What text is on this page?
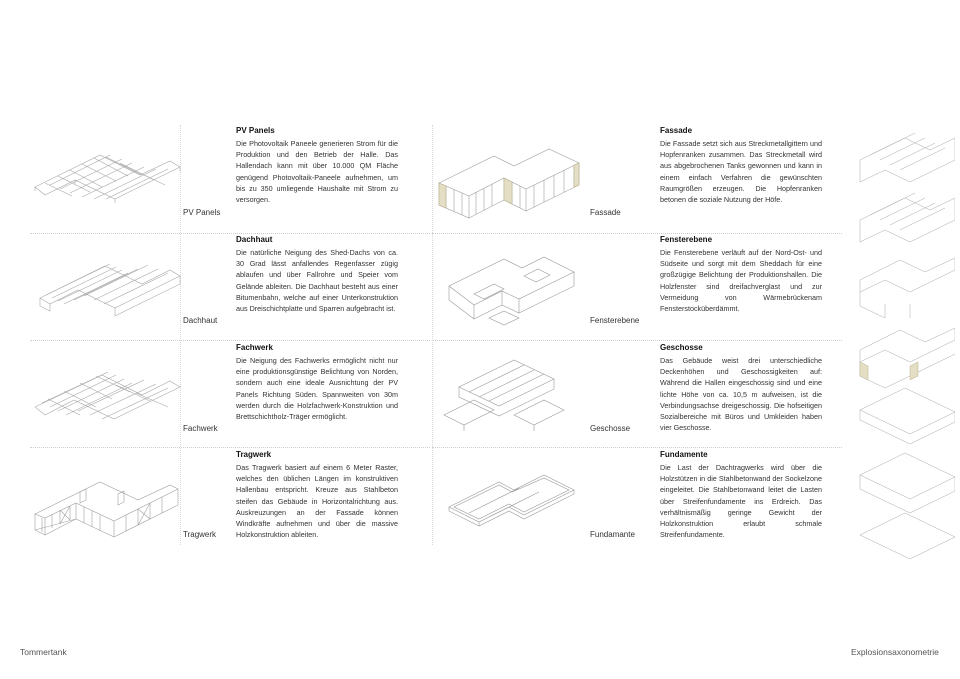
PV Panels
PV Panels

Die Photovoltaik Paneele generieren Strom für die Produktion und den Betrieb der Halle. Das Hallendach kann mit über 10.000 QM Fläche genügend Photovoltaik-Paneele aufnehmen, um bis zu 350 umliegende Haushalte mit Strom zu versorgen.

Dachhaut
Dachhaut

Die natürliche Neigung des Shed-Dachs von ca. 30 Grad lässt anfallendes Regenfasser zügig ablaufen und über Fallrohre und Speier vom Gelände ableiten. Die Dachhaut besteht aus einer Bitumenbahn, welche auf einer Unterkonstruktion aus Dreischichtplatte und Sparren aufgebracht ist.

Fachwerk
Fachwerk

Die Neigung des Fachwerks ermöglicht nicht nur eine produktionsgünstige Belichtung von Norden, sondern auch eine ideale Ausnichtung der PV Panels Richtung Süden. Spannweiten von 30m werden durch die Holzfachwerk-Konstruktion und Brettschichtholz-Träger ermöglicht.

Tragwerk
Tragwerk

Das Tragwerk basiert auf einem 6 Meter Raster, welches den üblichen Längen im konstruktiven Hallenbau entspricht. Kreuze aus Stahlbeton steifen das Gebäude in Horizontalrichtung aus. Auskreuzungen an der Fassade können Windkräfte aufnehmen und über die massive Holzkonstruktion ableiten.

Fassade
Fassade

Die Fassade setzt sich aus Streckmetallgittern und Hopfenranken zusammen. Das Streckmetall wird aus abgebrochenen Tanks gewonnen und kann in einem einfach Verfahren die gewünschten Raumgrößen erzeugen. Die Hopfenranken betonen die soziale Nutzung der Höfe.

Fensterebene
Fensterebene

Die Fensterebene verläuft auf der Nord-Ost- und Südseite und sorgt mit dem Sheddach für eine großzügige Belichtung der Produktionshallen. Die Holzfenster sind dreifachverglast und zur Vermeidung von Wärmebrückenam Fensterstocküberdämmt.

Geschosse
Geschosse

Das Gebäude weist drei unterschiedliche Deckenhöhen und Geschossigkeiten auf: Während die Hallen eingeschossig sind und eine lichte Höhe von ca. 10,5 m aufweisen, ist die Verbindungsachse dreigeschossig. Die hofseitigen Sozialbereiche mit Büros und Umkleiden haben vier Geschosse.

Fundamante
Fundamente

Die Last der Dachtragwerks wird über die Holzstützen in die Stahlbetonwand der Sockelzone eingeleitet. Die Stahlbetonwand leitet die Lasten über Streifenfundamente ins Erdreich. Das verhältnismäßig geringe Gewicht der Holzkonstruktion erlaubt schmale Streifenfundamente.

Tommertank	Explosionsaxonometrie
